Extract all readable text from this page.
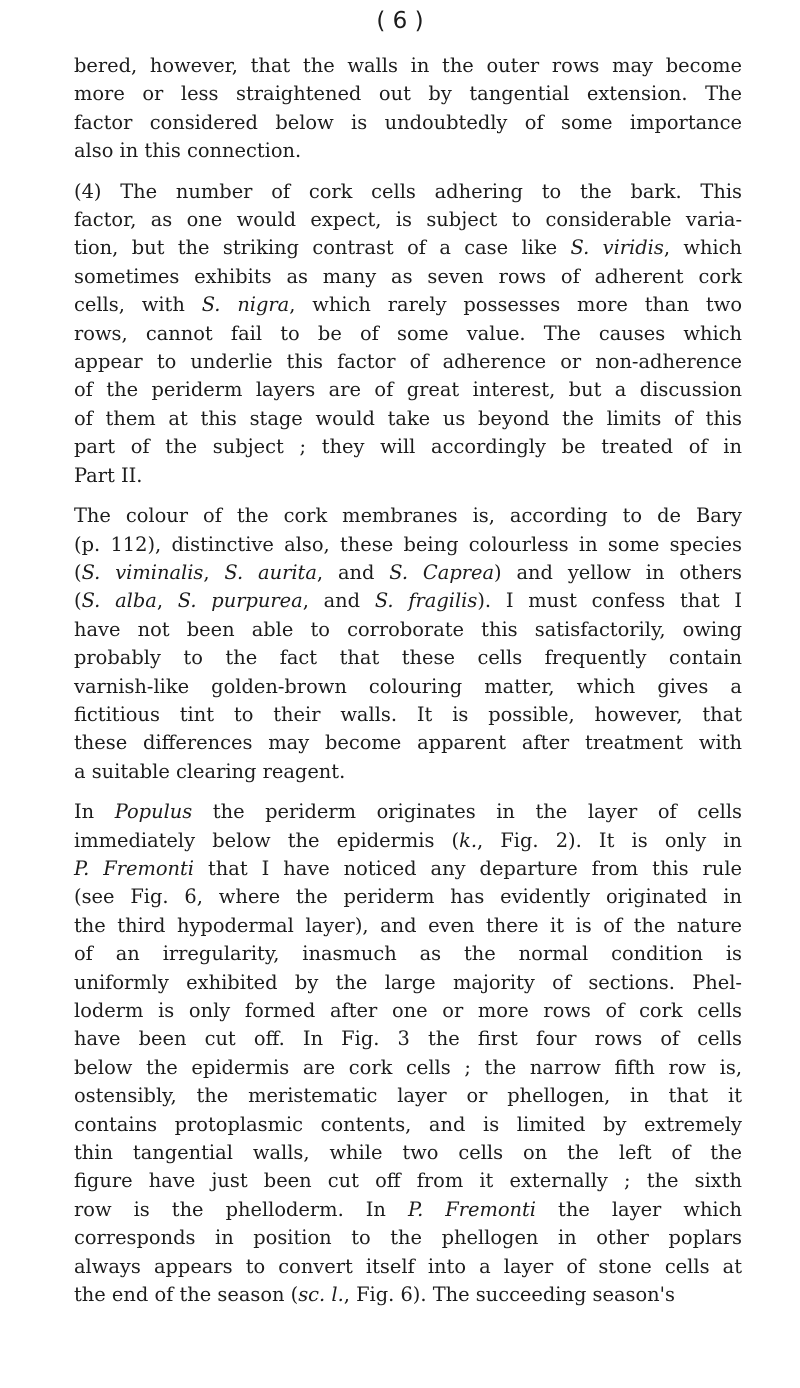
( 6 )
bered, however, that the walls in the outer rows may become
more or less straightened out by tangential extension. The
factor considered below is undoubtedly of some importance
also in this connection.
(4) The number of cork cells adhering to the bark. This
factor, as one would expect, is subject to considerable varia-
tion, but the striking contrast of a case like S. viridis, which
sometimes exhibits as many as seven rows of adherent cork
cells, with S. nigra, which rarely possesses more than two
rows, cannot fail to be of some value. The causes which
appear to underlie this factor of adherence or non-adherence
of the periderm layers are of great interest, but a discussion
of them at this stage would take us beyond the limits of this
part of the subject ; they will accordingly be treated of in
Part II.
The colour of the cork membranes is, according to de Bary
(p. 112), distinctive also, these being colourless in some species
(S. viminalis, S. aurita, and S. Caprea) and yellow in others
(S. alba, S. purpurea, and S. fragilis). I must confess that I
have not been able to corroborate this satisfactorily, owing
probably to the fact that these cells frequently contain
varnish-like golden-brown colouring matter, which gives a
fictitious tint to their walls. It is possible, however, that
these differences may become apparent after treatment with
a suitable clearing reagent.
In Populus the periderm originates in the layer of cells
immediately below the epidermis (k., Fig. 2). It is only in
P. Fremonti that I have noticed any departure from this rule
(see Fig. 6, where the periderm has evidently originated in
the third hypodermal layer), and even there it is of the nature
of an irregularity, inasmuch as the normal condition is
uniformly exhibited by the large majority of sections. Phel-
loderm is only formed after one or more rows of cork cells
have been cut off. In Fig. 3 the first four rows of cells
below the epidermis are cork cells ; the narrow fifth row is,
ostensibly, the meristematic layer or phellogen, in that it
contains protoplasmic contents, and is limited by extremely
thin tangential walls, while two cells on the left of the
figure have just been cut off from it externally ; the sixth
row is the phelloderm. In P. Fremonti the layer which
corresponds in position to the phellogen in other poplars
always appears to convert itself into a layer of stone cells at
the end of the season (sc. l., Fig. 6). The succeeding season's
